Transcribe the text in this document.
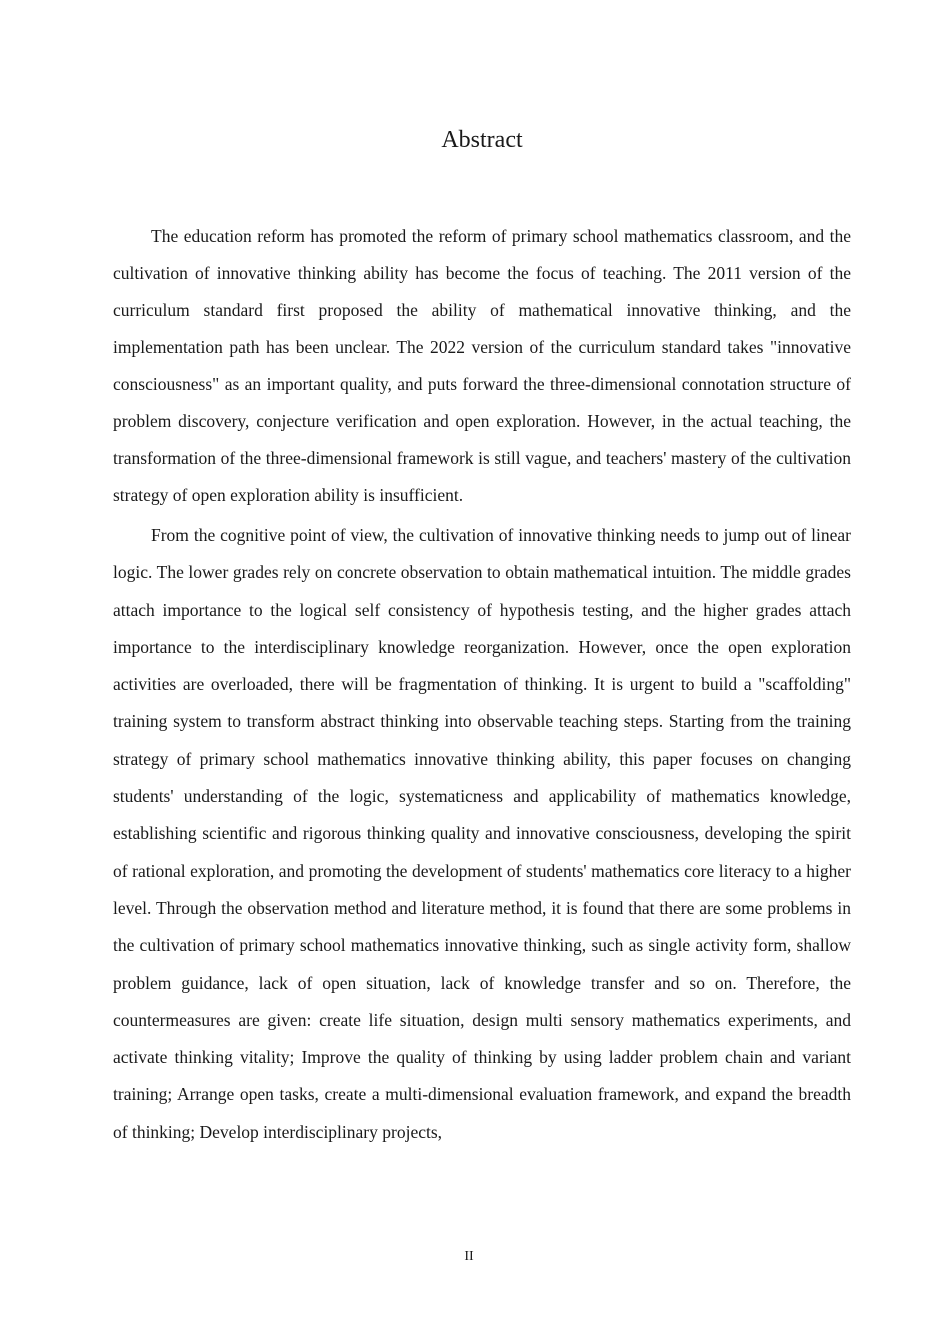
Abstract

The education reform has promoted the reform of primary school mathematics classroom, and the cultivation of innovative thinking ability has become the focus of teaching. The 2011 version of the curriculum standard first proposed the ability of mathematical innovative thinking, and the implementation path has been unclear. The 2022 version of the curriculum standard takes "innovative consciousness" as an important quality, and puts forward the three-dimensional connotation structure of problem discovery, conjecture verification and open exploration. However, in the actual teaching, the transformation of the three-dimensional framework is still vague, and teachers' mastery of the cultivation strategy of open exploration ability is insufficient.

From the cognitive point of view, the cultivation of innovative thinking needs to jump out of linear logic. The lower grades rely on concrete observation to obtain mathematical intuition. The middle grades attach importance to the logical self consistency of hypothesis testing, and the higher grades attach importance to the interdisciplinary knowledge reorganization. However, once the open exploration activities are overloaded, there will be fragmentation of thinking. It is urgent to build a "scaffolding" training system to transform abstract thinking into observable teaching steps. Starting from the training strategy of primary school mathematics innovative thinking ability, this paper focuses on changing students' understanding of the logic, systematicness and applicability of mathematics knowledge, establishing scientific and rigorous thinking quality and innovative consciousness, developing the spirit of rational exploration, and promoting the development of students' mathematics core literacy to a higher level. Through the observation method and literature method, it is found that there are some problems in the cultivation of primary school mathematics innovative thinking, such as single activity form, shallow problem guidance, lack of open situation, lack of knowledge transfer and so on. Therefore, the countermeasures are given: create life situation, design multi sensory mathematics experiments, and activate thinking vitality; Improve the quality of thinking by using ladder problem chain and variant training; Arrange open tasks, create a multi-dimensional evaluation framework, and expand the breadth of thinking; Develop interdisciplinary projects,

II
